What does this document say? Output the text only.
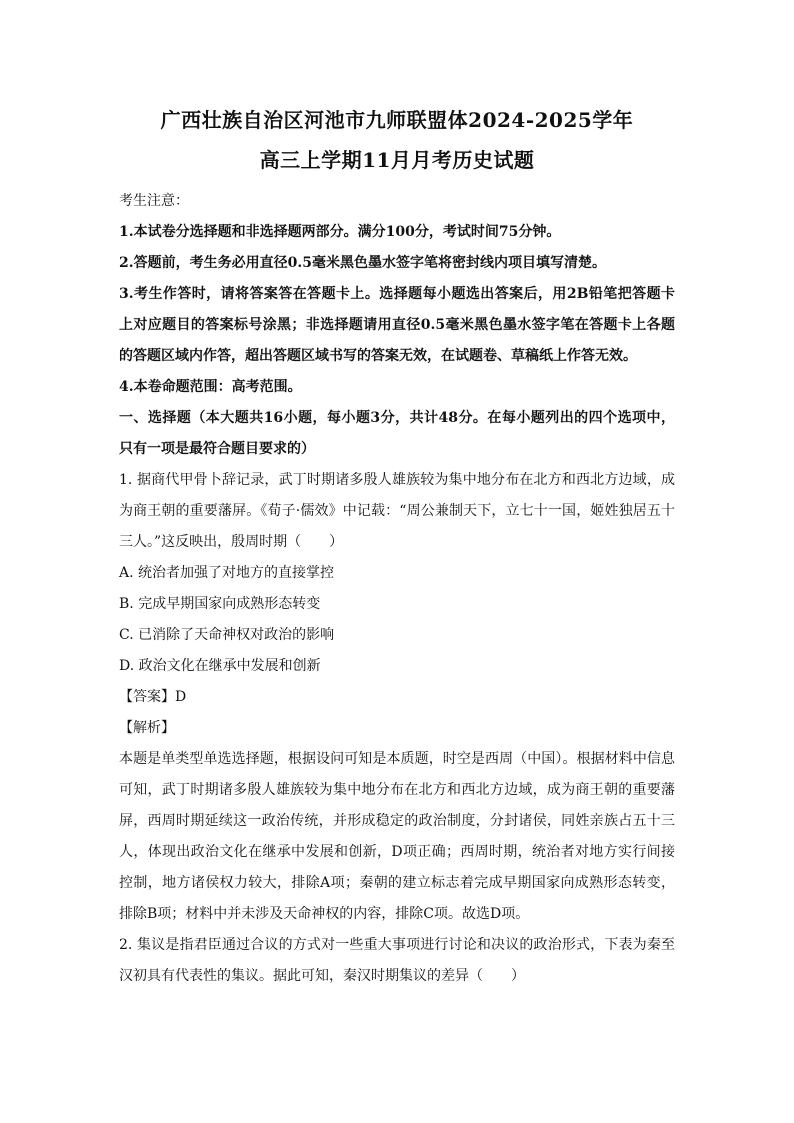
广西壮族自治区河池市九师联盟体2024-2025学年
高三上学期11月月考历史试题

考生注意：

1.本试卷分选择题和非选择题两部分。满分100分，考试时间75分钟。

2.答题前，考生务必用直径0.5毫米黑色墨水签字笔将密封线内项目填写清楚。

3.考生作答时，请将答案答在答题卡上。选择题每小题选出答案后，用2B铅笔把答题卡

上对应题目的答案标号涂黑；非选择题请用直径0.5毫米黑色墨水签字笔在答题卡上各题

的答题区域内作答，超出答题区域书写的答案无效，在试题卷、草稿纸上作答无效。

4.本卷命题范围：高考范围。

一、选择题（本大题共16小题，每小题3分，共计48分。在每小题列出的四个选项中，

只有一项是最符合题目要求的）

1. 据商代甲骨卜辞记录，武丁时期诸多殷人雄族较为集中地分布在北方和西北方边域，成

为商王朝的重要藩屏。《荀子·儒效》中记载：“周公兼制天下，立七十一国，姬姓独居五十

三人。”这反映出，殷周时期（　　）

A. 统治者加强了对地方的直接掌控

B. 完成早期国家向成熟形态转变

C. 已消除了天命神权对政治的影响

D. 政治文化在继承中发展和创新

【答案】D

【解析】

本题是单类型单选选择题，根据设问可知是本质题，时空是西周（中国）。根据材料中信息

可知，武丁时期诸多殷人雄族较为集中地分布在北方和西北方边域，成为商王朝的重要藩

屏，西周时期延续这一政治传统，并形成稳定的政治制度，分封诸侯，同姓亲族占五十三

人，体现出政治文化在继承中发展和创新，D项正确；西周时期，统治者对地方实行间接

控制，地方诸侯权力较大，排除A项；秦朝的建立标志着完成早期国家向成熟形态转变，

排除B项；材料中并未涉及天命神权的内容，排除C项。故选D项。

2. 集议是指君臣通过合议的方式对一些重大事项进行讨论和决议的政治形式，下表为秦至

汉初具有代表性的集议。据此可知，秦汉时期集议的差异（　　）
